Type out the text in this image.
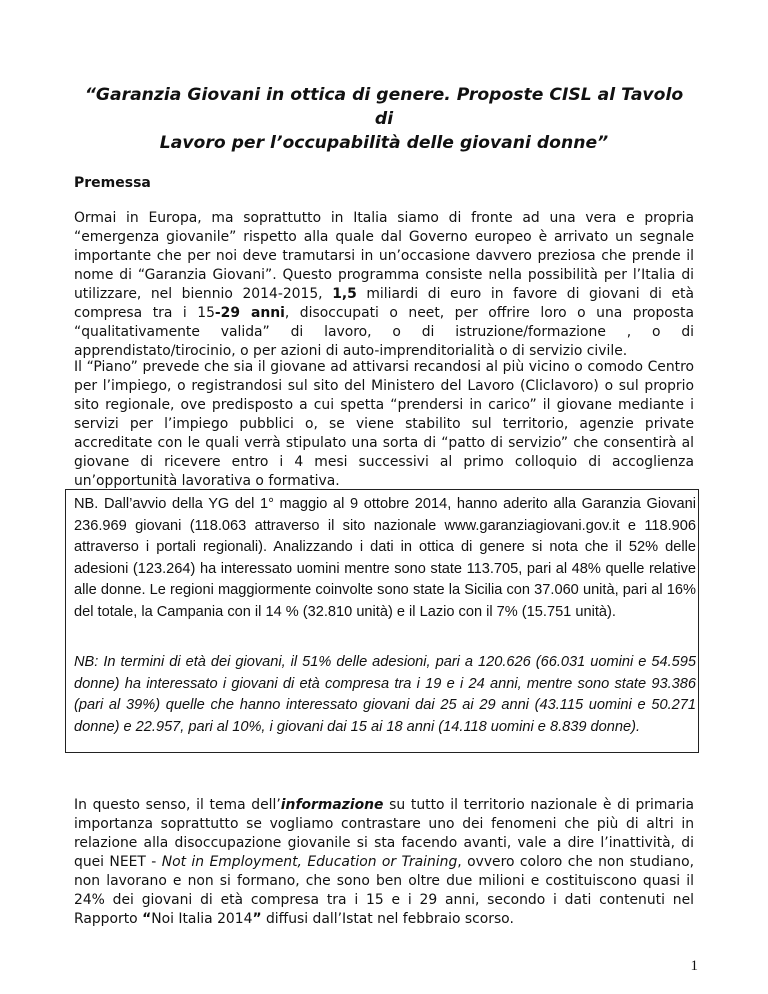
“Garanzia Giovani in ottica di genere. Proposte CISL al Tavolo di
Lavoro per l’occupabilità delle giovani donne”
Premessa

Ormai in Europa, ma soprattutto in Italia siamo di fronte ad una vera e propria “emergenza giovanile” rispetto alla quale dal Governo europeo è arrivato un segnale importante che per noi deve tramutarsi in un’occasione davvero preziosa che prende il nome di “Garanzia Giovani”. Questo programma consiste nella possibilità per l’Italia di utilizzare, nel biennio 2014-2015, 1,5 miliardi di euro in favore di giovani di età compresa tra i 15-29 anni, disoccupati o neet, per offrire loro o una proposta “qualitativamente valida” di lavoro, o di istruzione/formazione , o di apprendistato/tirocinio, o per azioni di auto-imprenditorialità o di servizio civile.

Il “Piano” prevede che sia il giovane ad attivarsi recandosi al più vicino o comodo Centro per l’impiego, o registrandosi sul sito del Ministero del Lavoro (Cliclavoro) o sul proprio sito regionale, ove predisposto a cui spetta “prendersi in carico” il giovane mediante i servizi per l’impiego pubblici o, se viene stabilito sul territorio, agenzie private accreditate con le quali verrà stipulato una sorta di “patto di servizio” che consentirà al giovane di ricevere entro i 4 mesi successivi al primo colloquio di accoglienza un’opportunità lavorativa o formativa.

NB. Dall’avvio della YG del 1° maggio al 9 ottobre 2014, hanno aderito alla Garanzia Giovani 236.969 giovani (118.063 attraverso il sito nazionale www.garanziagiovani.gov.it e 118.906 attraverso i portali regionali). Analizzando i dati in ottica di genere si nota che il 52% delle adesioni (123.264) ha interessato uomini mentre sono state 113.705, pari al 48% quelle relative alle donne. Le regioni maggiormente coinvolte sono state la Sicilia con 37.060 unità, pari al 16% del totale, la Campania con il 14 % (32.810 unità) e il Lazio con il 7% (15.751 unità).

NB: In termini di età dei giovani, il 51% delle adesioni, pari a 120.626 (66.031 uomini e 54.595 donne) ha interessato i giovani di età compresa tra i 19 e i 24 anni, mentre sono state 93.386 (pari al 39%) quelle che hanno interessato giovani dai 25 ai 29 anni (43.115 uomini e 50.271 donne) e 22.957, pari al 10%, i giovani dai 15 ai 18 anni (14.118 uomini e 8.839 donne).

In questo senso, il tema dell’informazione su tutto il territorio nazionale è di primaria importanza soprattutto se vogliamo contrastare uno dei fenomeni che più di altri in relazione alla disoccupazione giovanile si sta facendo avanti, vale a dire l’inattività, di quei NEET - Not in Employment, Education or Training, ovvero coloro che non studiano, non lavorano e non si formano, che sono ben oltre due milioni e costituiscono quasi il 24% dei giovani di età compresa tra i 15 e i 29 anni, secondo i dati contenuti nel Rapporto “Noi Italia 2014” diffusi dall’Istat nel febbraio scorso.

1
